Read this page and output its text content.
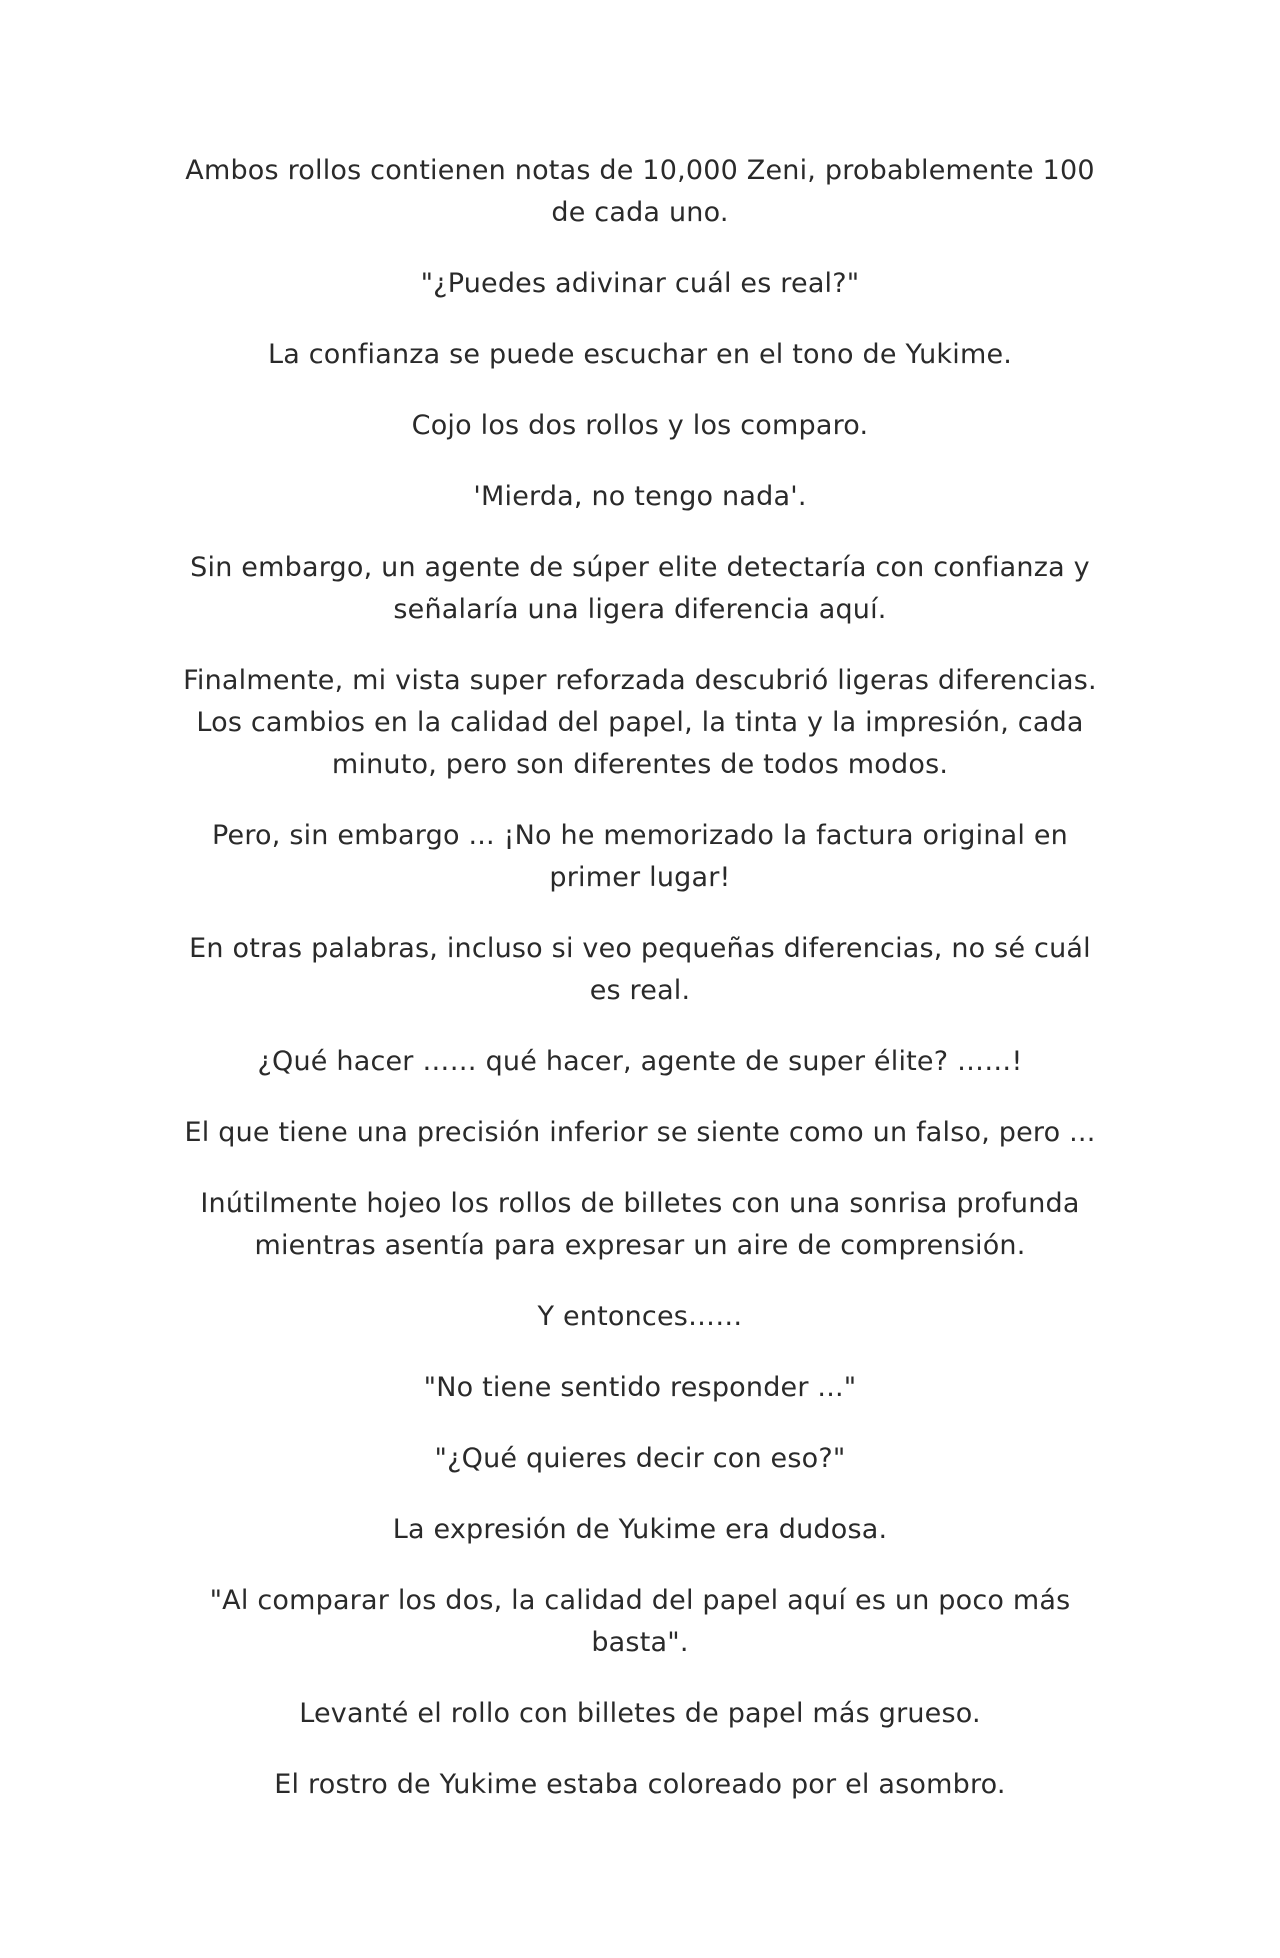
Ambos rollos contienen notas de 10,000 Zeni, probablemente 100 de cada uno.

"¿Puedes adivinar cuál es real?"

La confianza se puede escuchar en el tono de Yukime.

Cojo los dos rollos y los comparo.

'Mierda, no tengo nada'.

Sin embargo, un agente de súper elite detectaría con confianza y señalaría una ligera diferencia aquí.

Finalmente, mi vista super reforzada descubrió ligeras diferencias. Los cambios en la calidad del papel, la tinta y la impresión, cada minuto, pero son diferentes de todos modos.

Pero, sin embargo ... ¡No he memorizado la factura original en primer lugar!

En otras palabras, incluso si veo pequeñas diferencias, no sé cuál es real.

¿Qué hacer …… qué hacer, agente de super élite? ……!

El que tiene una precisión inferior se siente como un falso, pero ...

Inútilmente hojeo los rollos de billetes con una sonrisa profunda mientras asentía para expresar un aire de comprensión.

Y entonces……

"No tiene sentido responder ..."

"¿Qué quieres decir con eso?"

La expresión de Yukime era dudosa.

"Al comparar los dos, la calidad del papel aquí es un poco más basta".

Levanté el rollo con billetes de papel más grueso.

El rostro de Yukime estaba coloreado por el asombro.
